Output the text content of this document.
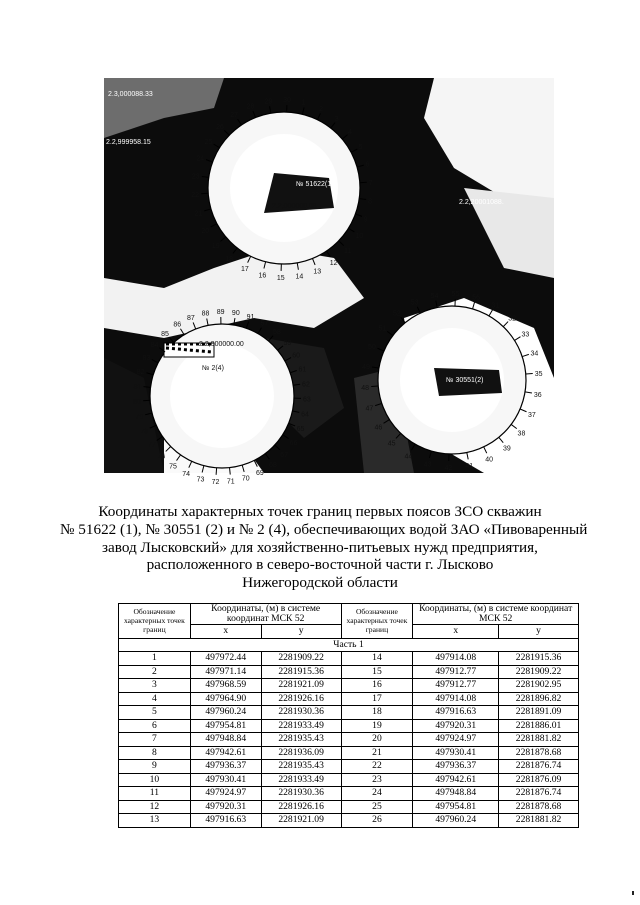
29 30 1
2
3
4
5
6
7
8
9
10
11
12
13
14
15
16
17
18
19
20
21
22
23
24
25
26
27
28
57
58
59
60
61
62
63
64
65
66
67
68
69
70
71
72
73
74
75
76
77
78
79
80
81
82
83
84
85
86
87
88 89 90
91
31
32
33
34
35
36
37
38
39
40
41
42
43
44
45
46
47
48
49
50
51
52
53
54 55 56
2.3,000088.33
2.2,999958.15
2.2,20001088.
2.2,000000.08
2.2,000000.00
№ 51622(1)
№ 30551(2)
№ 2(4)
Координаты характерных точек границ первых поясов ЗСО скважин
№ 51622 (1), № 30551 (2) и № 2 (4), обеспечивающих водой ЗАО «Пивоваренный
завод Лысковский» для хозяйственно-питьевых нужд предприятия,
расположенного в северо-восточной части г. Лысково
Нижегородской области
Обозначение характерных точек границ	Координаты, (м) в системе координат МСК 52		Обозначение характерных точек границ	Координаты, (м) в системе координат МСК 52	
	x	y		x	y
Часть 1					
1	497972.44	2281909.22	14	497914.08	2281915.36
2	497971.14	2281915.36	15	497912.77	2281909.22
3	497968.59	2281921.09	16	497912.77	2281902.95
4	497964.90	2281926.16	17	497914.08	2281896.82
5	497960.24	2281930.36	18	497916.63	2281891.09
6	497954.81	2281933.49	19	497920.31	2281886.01
7	497948.84	2281935.43	20	497924.97	2281881.82
8	497942.61	2281936.09	21	497930.41	2281878.68
9	497936.37	2281935.43	22	497936.37	2281876.74
10	497930.41	2281933.49	23	497942.61	2281876.09
11	497924.97	2281930.36	24	497948.84	2281876.74
12	497920.31	2281926.16	25	497954.81	2281878.68
13	497916.63	2281921.09	26	497960.24	2281881.82
